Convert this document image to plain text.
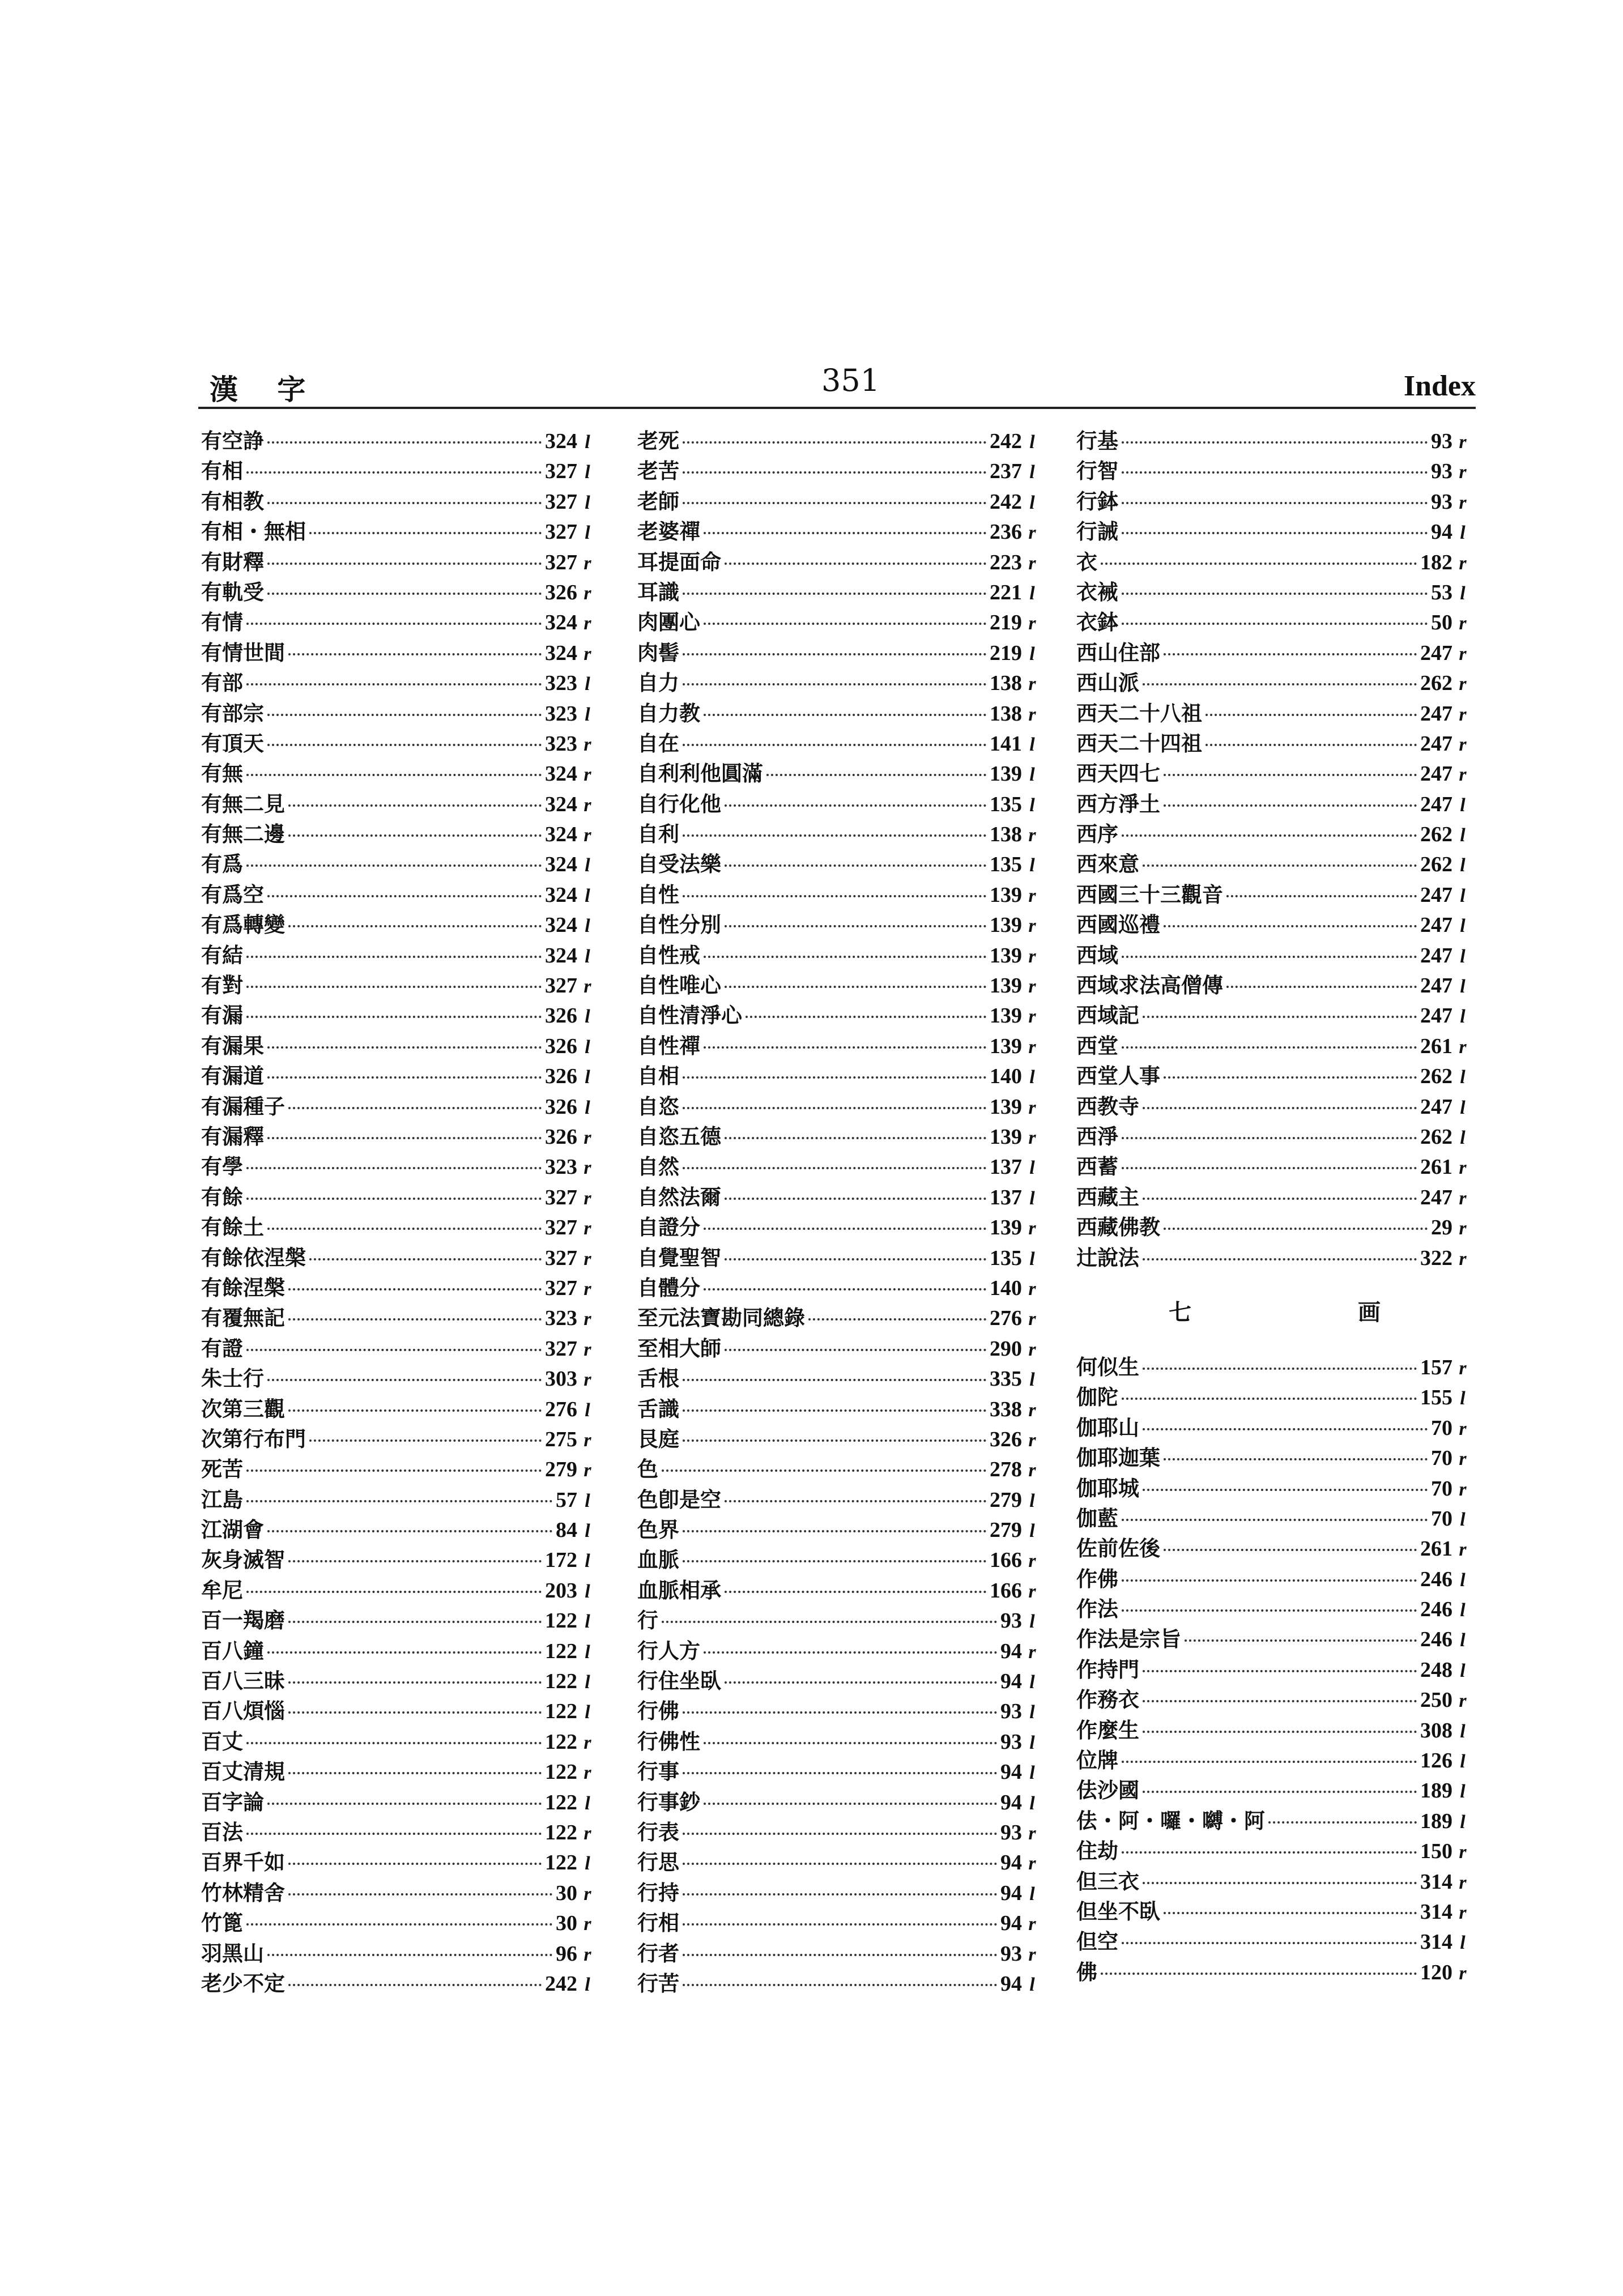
漢 字	351	Index
有空諍	324 l
有相	327 l
有相教	327 l
有相・無相	327 l
有財釋	327 r
有軌受	326 r
有情	324 r
有情世間	324 r
有部	323 l
有部宗	323 l
有頂天	323 r
有無	324 r
有無二見	324 r
有無二邊	324 r
有爲	324 l
有爲空	324 l
有爲轉變	324 l
有結	324 l
有對	327 r
有漏	326 l
有漏果	326 l
有漏道	326 l
有漏種子	326 l
有漏釋	326 r
有學	323 r
有餘	327 r
有餘土	327 r
有餘依涅槃	327 r
有餘涅槃	327 r
有覆無記	323 r
有證	327 r
朱士行	303 r
次第三觀	276 l
次第行布門	275 r
死苦	279 r
江島	57 l
江湖會	84 l
灰身滅智	172 l
牟尼	203 l
百一羯磨	122 l
百八鐘	122 l
百八三昧	122 l
百八煩惱	122 l
百丈	122 r
百丈清規	122 r
百字論	122 l
百法	122 r
百界千如	122 l
竹林精舍	30 r
竹篦	30 r
羽黑山	96 r
老少不定	242 l
老死	242 l
老苦	237 l
老師	242 l
老婆禪	236 r
耳提面命	223 r
耳識	221 l
肉團心	219 r
肉髻	219 l
自力	138 r
自力教	138 r
自在	141 l
自利利他圓滿	139 l
自行化他	135 l
自利	138 r
自受法樂	135 l
自性	139 r
自性分別	139 r
自性戒	139 r
自性唯心	139 r
自性清淨心	139 r
自性禪	139 r
自相	140 l
自恣	139 r
自恣五德	139 r
自然	137 l
自然法爾	137 l
自證分	139 r
自覺聖智	135 l
自體分	140 r
至元法寶勘同總錄	276 r
至相大師	290 r
舌根	335 l
舌識	338 r
艮庭	326 r
色	278 r
色卽是空	279 l
色界	279 l
血脈	166 r
血脈相承	166 r
行	93 l
行人方	94 r
行住坐臥	94 l
行佛	93 l
行佛性	93 l
行事	94 l
行事鈔	94 l
行表	93 r
行思	94 r
行持	94 l
行相	94 r
行者	93 r
行苦	94 l
行基	93 r
行智	93 r
行鉢	93 r
行誡	94 l
衣	182 r
衣裓	53 l
衣鉢	50 r
西山住部	247 r
西山派	262 r
西天二十八祖	247 r
西天二十四祖	247 r
西天四七	247 r
西方淨土	247 l
西序	262 l
西來意	262 l
西國三十三觀音	247 l
西國巡禮	247 l
西域	247 l
西域求法高僧傳	247 l
西域記	247 l
西堂	261 r
西堂人事	262 l
西教寺	247 l
西淨	262 l
西蓄	261 r
西藏主	247 r
西藏佛教	29 r
辻說法	322 r
七 画
何似生	157 r
伽陀	155 l
伽耶山	70 r
伽耶迦葉	70 r
伽耶城	70 r
伽藍	70 l
佐前佐後	261 r
作佛	246 l
作法	246 l
作法是宗旨	246 l
作持門	248 l
作務衣	250 r
作麼生	308 l
位牌	126 l
佉沙國	189 l
佉・阿・囉・嚩・阿	189 l
住劫	150 r
但三衣	314 r
但坐不臥	314 r
但空	314 l
佛	120 r
